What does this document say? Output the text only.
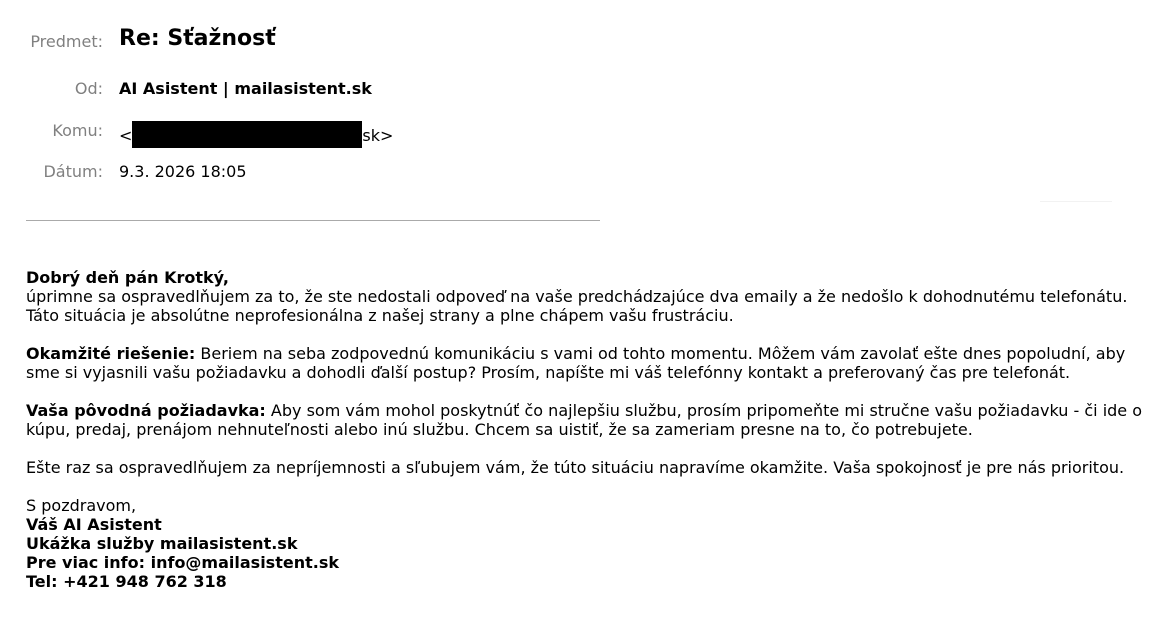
Predmet: Re: Sťažnosť
Od: AI Asistent | mailasistent.sk
Komu: <	sk>
Dátum: 9.3. 2026 18:05

Dobrý deň pán Krotký,
úprimne sa ospravedlňujem za to, že ste nedostali odpoveď na vaše predchádzajúce dva emaily a že nedošlo k dohodnutému telefonátu.
Táto situácia je absolútne neprofesionálna z našej strany a plne chápem vašu frustráciu.

Okamžité riešenie: Beriem na seba zodpovednú komunikáciu s vami od tohto momentu. Môžem vám zavolať ešte dnes popoludní, aby sme si vyjasnili vašu požiadavku a dohodli ďalší postup? Prosím, napíšte mi váš telefónny kontakt a preferovaný čas pre telefonát.

Vaša pôvodná požiadavka: Aby som vám mohol poskytnúť čo najlepšiu službu, prosím pripomeňte mi stručne vašu požiadavku - či ide o kúpu, predaj, prenájom nehnuteľnosti alebo inú službu. Chcem sa uistiť, že sa zameriam presne na to, čo potrebujete.

Ešte raz sa ospravedlňujem za nepríjemnosti a sľubujem vám, že túto situáciu napravíme okamžite. Vaša spokojnosť je pre nás prioritou.

S pozdravom,
Váš AI Asistent
Ukážka služby mailasistent.sk
Pre viac info: info@mailasistent.sk
Tel: +421 948 762 318
